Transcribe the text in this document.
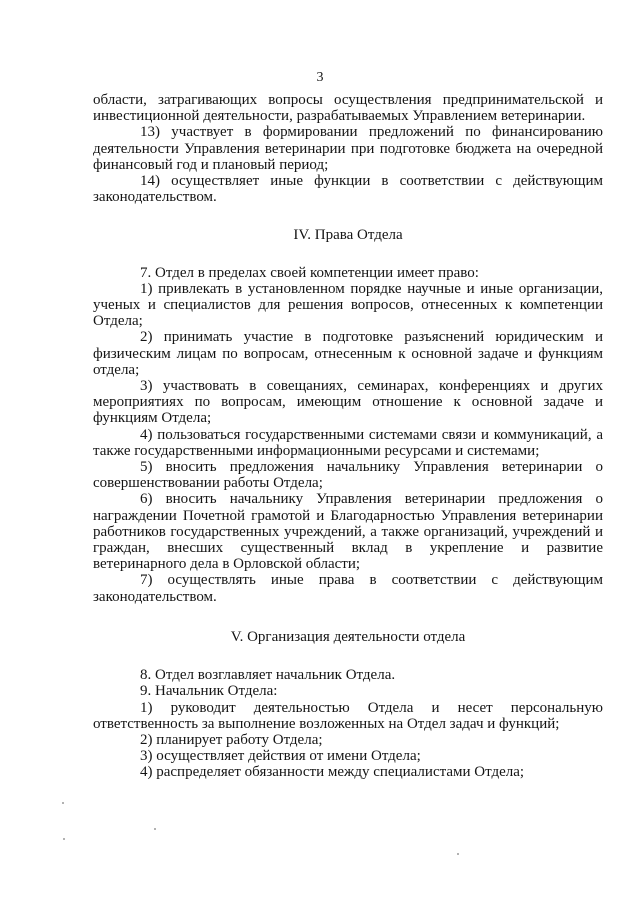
3

области, затрагивающих вопросы осуществления предпринимательской и инвестиционной деятельности, разрабатываемых Управлением ветеринарии.

13) участвует в формировании предложений по финансированию деятельности Управления ветеринарии при подготовке бюджета на очередной финансовый год и плановый период;

14) осуществляет иные функции в соответствии с действующим законодательством.

IV. Права Отдела

7. Отдел в пределах своей компетенции имеет право:

1) привлекать в установленном порядке научные и иные организации, ученых и специалистов для решения вопросов, отнесенных к компетенции Отдела;

2) принимать участие в подготовке разъяснений юридическим и физическим лицам по вопросам, отнесенным к основной задаче и функциям отдела;

3) участвовать в совещаниях, семинарах, конференциях и других мероприятиях по вопросам, имеющим отношение к основной задаче и функциям Отдела;

4) пользоваться государственными системами связи и коммуникаций, а также государственными информационными ресурсами и системами;

5) вносить предложения начальнику Управления ветеринарии о совершенствовании работы Отдела;

6) вносить начальнику Управления ветеринарии предложения о награждении Почетной грамотой и Благодарностью Управления ветеринарии работников государственных учреждений, а также организаций, учреждений и граждан, внесших существенный вклад в укрепление и развитие ветеринарного дела в Орловской области;

7) осуществлять иные права в соответствии с действующим законодательством.

V. Организация деятельности отдела

8. Отдел возглавляет начальник Отдела.

9. Начальник Отдела:

1) руководит деятельностью Отдела и несет персональную ответственность за выполнение возложенных на Отдел задач и функций;

2) планирует работу Отдела;

3) осуществляет действия от имени Отдела;

4) распределяет обязанности между специалистами Отдела;
